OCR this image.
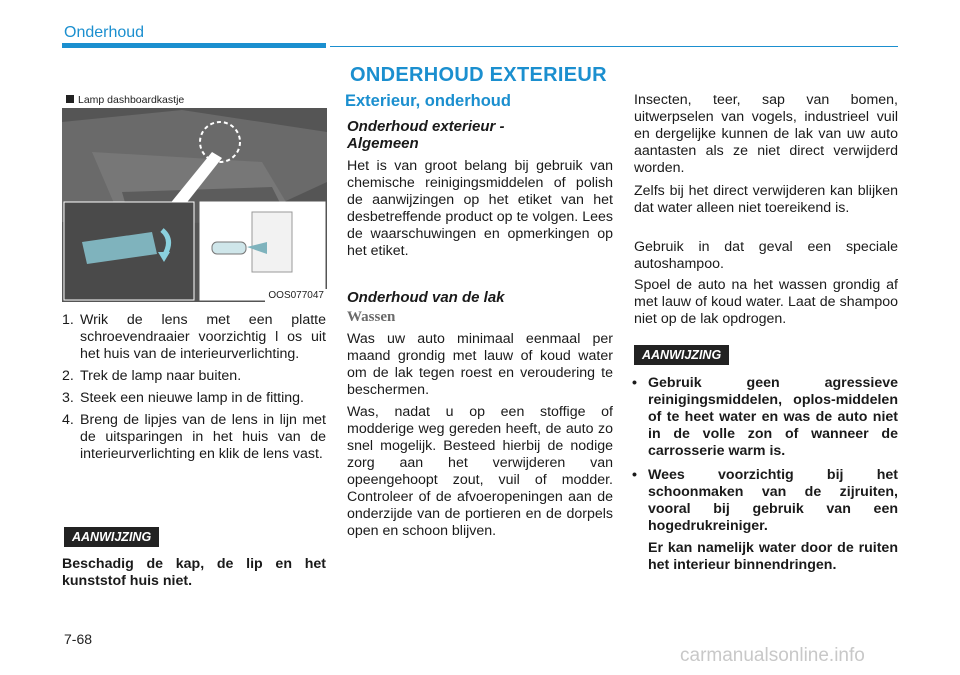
Onderhoud
OOS077047
Lamp dashboardkastje
1. Wrik de lens met een platte schroevendraaier voorzichtig l os uit het huis van de interieurverlichting.
2. Trek de lamp naar buiten.
3. Steek een nieuwe lamp in de fitting.
4. Breng de lipjes van de lens in lijn met de uitsparingen in het huis van de interieurverlichting en klik de lens vast.
AANWIJZING
Beschadig de kap, de lip en het kunststof huis niet.
ONDERHOUD EXTERIEUR
Exterieur, onderhoud
Onderhoud exterieur - Algemeen

Het is van groot belang bij gebruik van chemische reinigingsmiddelen of polish de aanwijzingen op het etiket van het desbetreffende product op te volgen. Lees de waarschuwingen en opmerkingen op het etiket.

Onderhoud van de lak
Wassen

Was uw auto minimaal eenmaal per maand grondig met lauw of koud water om de lak tegen roest en veroudering te beschermen.

Was, nadat u op een stoffige of modderige weg gereden heeft, de auto zo snel mogelijk. Besteed hierbij de nodige zorg aan het verwijderen van opeengehoopt zout, vuil of modder. Controleer of de afvoeropeningen aan de onderzijde van de portieren en de dorpels open en schoon blijven.

Insecten, teer, sap van bomen, uitwerpselen van vogels, industrieel vuil en dergelijke kunnen de lak van uw auto aantasten als ze niet direct verwijderd worden.

Zelfs bij het direct verwijderen kan blijken dat water alleen niet toereikend is.

Gebruik in dat geval een speciale autoshampoo.

Spoel de auto na het wassen grondig af met lauw of koud water. Laat de shampoo niet op de lak opdrogen.

AANWIJZING
• Gebruik geen agressieve reinigingsmiddelen, oplos-middelen of te heet water en was de auto niet in de volle zon of wanneer de carrosserie warm is.
• Wees voorzichtig bij het schoonmaken van de zijruiten, vooral bij gebruik van een hogedrukreiniger.
Er kan namelijk water door de ruiten het interieur binnendringen.
7-68
carmanualsonline.info
